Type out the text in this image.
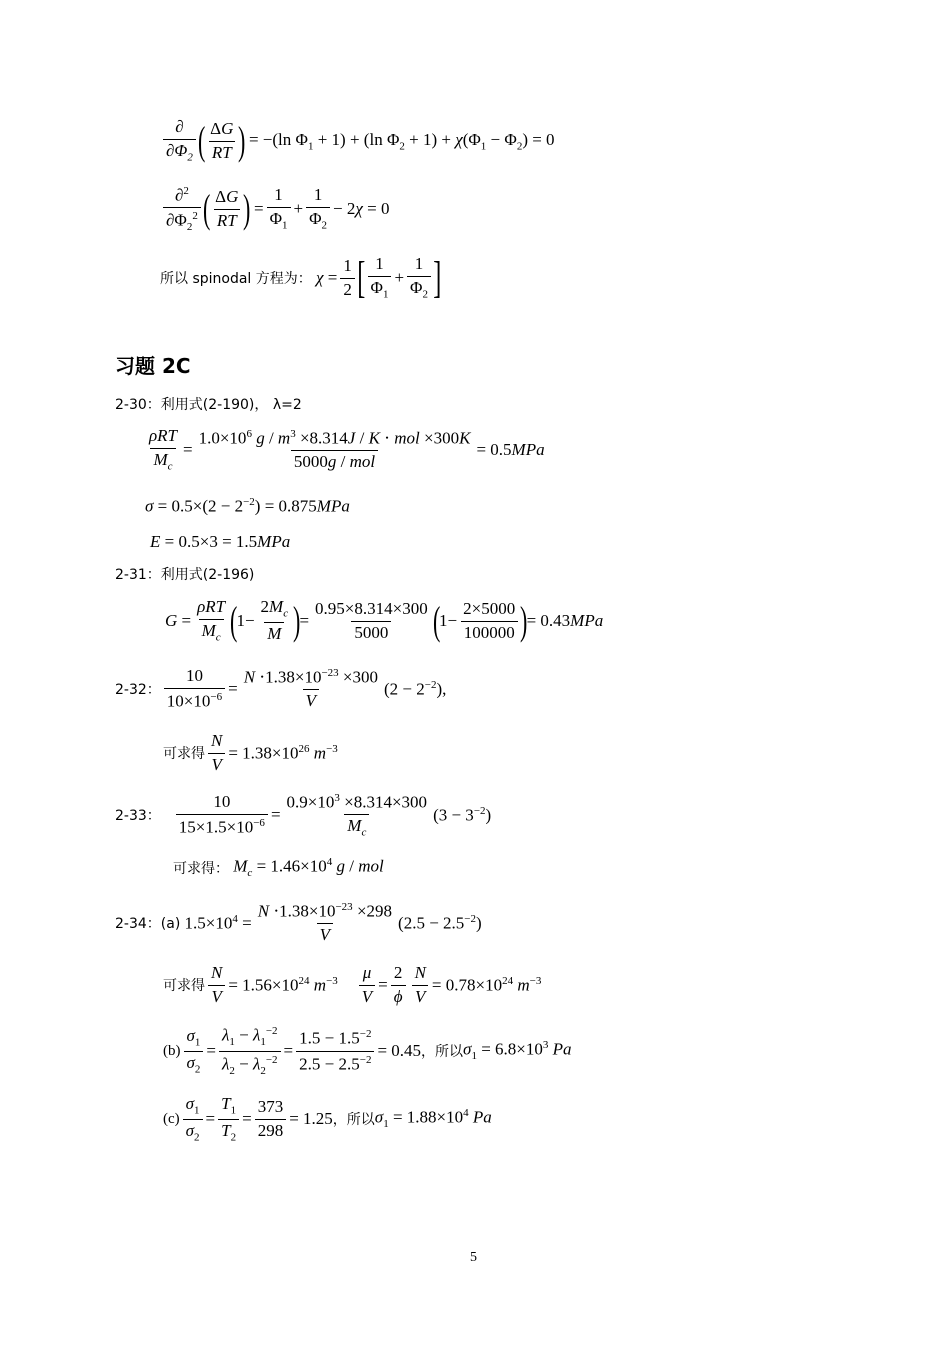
$\frac{\partial}{\partial\Phi_2}$ ( $\frac{\Delta G}{RT}$ )
= −(ln $\Phi_1 + 1) + (\ln$ $\Phi_2 + 1) + \chi(\Phi_1 - \Phi_2) = 0$
$\frac{\partial^2}{\partial\Phi_2^2}$ ( $\frac{\Delta G}{RT}$ )
= $\frac{1}{\Phi_1} + \frac{1}{\Phi_2} - 2\chi = 0$
所以 spinodal 方程为： $\chi = \frac{1}{2}$ [ $\frac{1}{\Phi_1} + \frac{1}{\Phi_2}$ ]
习题 2C
2-30：利用式(2-190)， λ=2
$\frac{\text{ρRT}}{M_c} = \frac{1.0\times 10^6 g / m^3 \times 8.314J / K \cdot mol \times 300K}{\text{5000g / mol}} = 0.5MPa$
$\sigma = 0.5\times(2 - 2^{-2}) = 0.875MPa$
E = 0.5×3 = 1.5MPa
2-31：利用式(2-196)
$G = \frac{\text{ρRT}}{M_c}$ (
$1- \frac{2M_c}{M}$ )
= $\frac{0.95\times 8.314\times 300}{5000}$ (
$1- \frac{2\times 5000}{100000}$ )
= 0.43MPa
2-32： $\frac{10}{10\times 10^{-6}} = \frac{N \cdot 1.38\times 10^{-23} \times 300}{V} (2 - 2^{-2})$,
可求得 $\frac{N}{V} = 1.38\times 10^{26}$ $m^{-3}$
2-33： $\frac{10}{15\times 1.5\times 10^{-6}} = \frac{0.9\times 10^3 \times 8.314\times 300}{M_c} (3 - 3^{-2})$
可求得： $M_c = 1.46\times 10^4$ g / mol
2-34：(a) $1.5\times 10^4 = \frac{N \cdot 1.38\times 10^{-23} \times 298}{V} (2.5 - 2.5^{-2})$
可求得 $\frac{N}{V} = 1.56\times 10^{24}$ $m^{-3} \frac{\mu}{V} = \frac{2}{\phi} \frac{N}{V} = 0.78\times 10^{24}$ $m^{-3}$
$(b) \frac{\sigma_1}{\sigma_2} = \frac{\lambda_1 - \lambda_1^{-2}}{\lambda_2 - \lambda_2^{-2}} = \frac{1.5 - 1.5^{-2}}{2.5 - 2.5^{-2}} = 0.45$ ，所以 $\sigma_1 = 6.8\times 10^3$ Pa
$(c) \frac{\sigma_1}{\sigma_2} = \frac{T_1}{T_2} = \frac{373}{298} = 1.25$ ，所以 $\sigma_1 = 1.88\times 10^4$ Pa
5
